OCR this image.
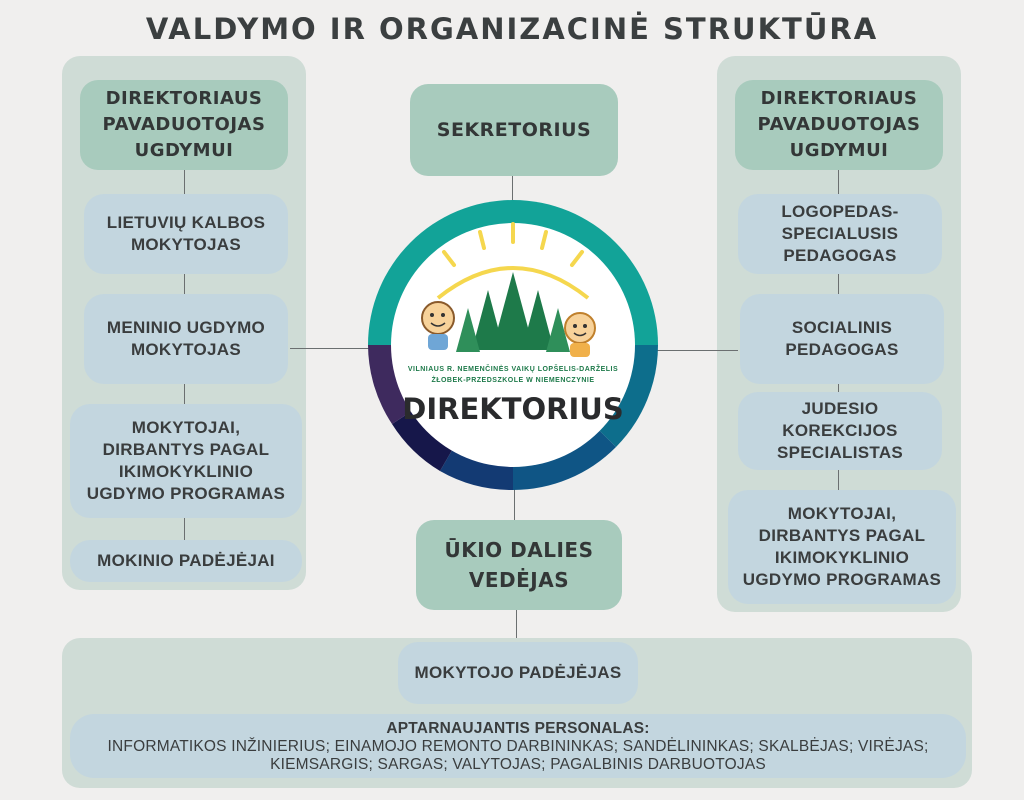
VALDYMO IR ORGANIZACINĖ STRUKTŪRA
DIREKTORIAUS
PAVADUOTOJAS
UGDYMUI
LIETUVIŲ KALBOS
MOKYTOJAS
MENINIO UGDYMO
MOKYTOJAS
MOKYTOJAI,
DIRBANTYS PAGAL
IKIMOKYKLINIO
UGDYMO PROGRAMAS
MOKINIO PADĖJĖJAI
DIREKTORIAUS
PAVADUOTOJAS
UGDYMUI
LOGOPEDAS-
SPECIALUSIS
PEDAGOGAS
SOCIALINIS
PEDAGOGAS
JUDESIO
KOREKCIJOS
SPECIALISTAS
MOKYTOJAI,
DIRBANTYS PAGAL
IKIMOKYKLINIO
UGDYMO PROGRAMAS
SEKRETORIUS
ŪKIO DALIES
VEDĖJAS
VILNIAUS R. NEMENČINĖS VAIKŲ LOPŠELIS-DARŽELIS
ŻŁOBEK-PRZEDSZKOLE W NIEMENCZYNIE
DIREKTORIUS
MOKYTOJO PADĖJĖJAS
APTARNAUJANTIS PERSONALAS:
INFORMATIKOS INŽINIERIUS; EINAMOJO REMONTO DARBININKAS; SANDĖLININKAS; SKALBĖJAS; VIRĖJAS;
KIEMSARGIS; SARGAS; VALYTOJAS; PAGALBINIS DARBUOTOJAS
